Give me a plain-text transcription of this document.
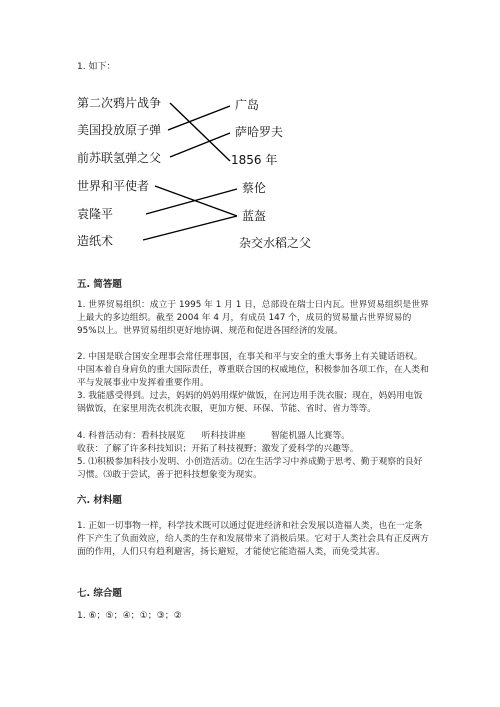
1. 如下：
第二次鸦片战争
美国投放原子弹
前苏联氢弹之父
广岛
萨哈罗夫
1856 年
世界和平使者
袁隆平
造纸术
蔡伦
蓝盔
杂交水稻之父
五. 简答题
1. 世界贸易组织：成立于 1995 年 1 月 1 日，总部设在瑞士日内瓦。世界贸易组织是世界上最大的多边组织。截至 2004 年 4 月，有成员 147 个，成员的贸易量占世界贸易的 95%以上。世界贸易组织更好地协调、规范和促进各国经济的发展。
2. 中国是联合国安全理事会常任理事国，在事关和平与安全的重大事务上有关键话语权。中国本着自身肩负的重大国际责任，尊重联合国的权威地位，积极参加各项工作，在人类和平与发展事业中发挥着重要作用。
3. 我能感受得到。过去，妈妈的妈妈用煤炉做饭，在河边用手洗衣服；现在，妈妈用电饭锅做饭，在家里用洗衣机洗衣服，更加方便、环保、节能、省时、省力等等。
4. 科普活动有：看科技展览      听科技讲座         智能机器人比赛等。
收获：了解了许多科技知识；开拓了科技视野；激发了爱科学的兴趣等。
5. ⑴积极参加科技小发明、小创造活动。⑵在生活学习中养成勤于思考、勤于观察的良好习惯。⑶敢于尝试，善于把科技想象变为现实。
六. 材料题
1. 正如一切事物一样，科学技术既可以通过促进经济和社会发展以造福人类，也在一定条件下产生了负面效应，给人类的生存和发展带来了消极后果。它对于人类社会具有正反两方面的作用，人们只有趋利避害，扬长避短，才能使它能造福人类，而免受其害。
七. 综合题
1. ⑥；⑤；④；①；③；②
